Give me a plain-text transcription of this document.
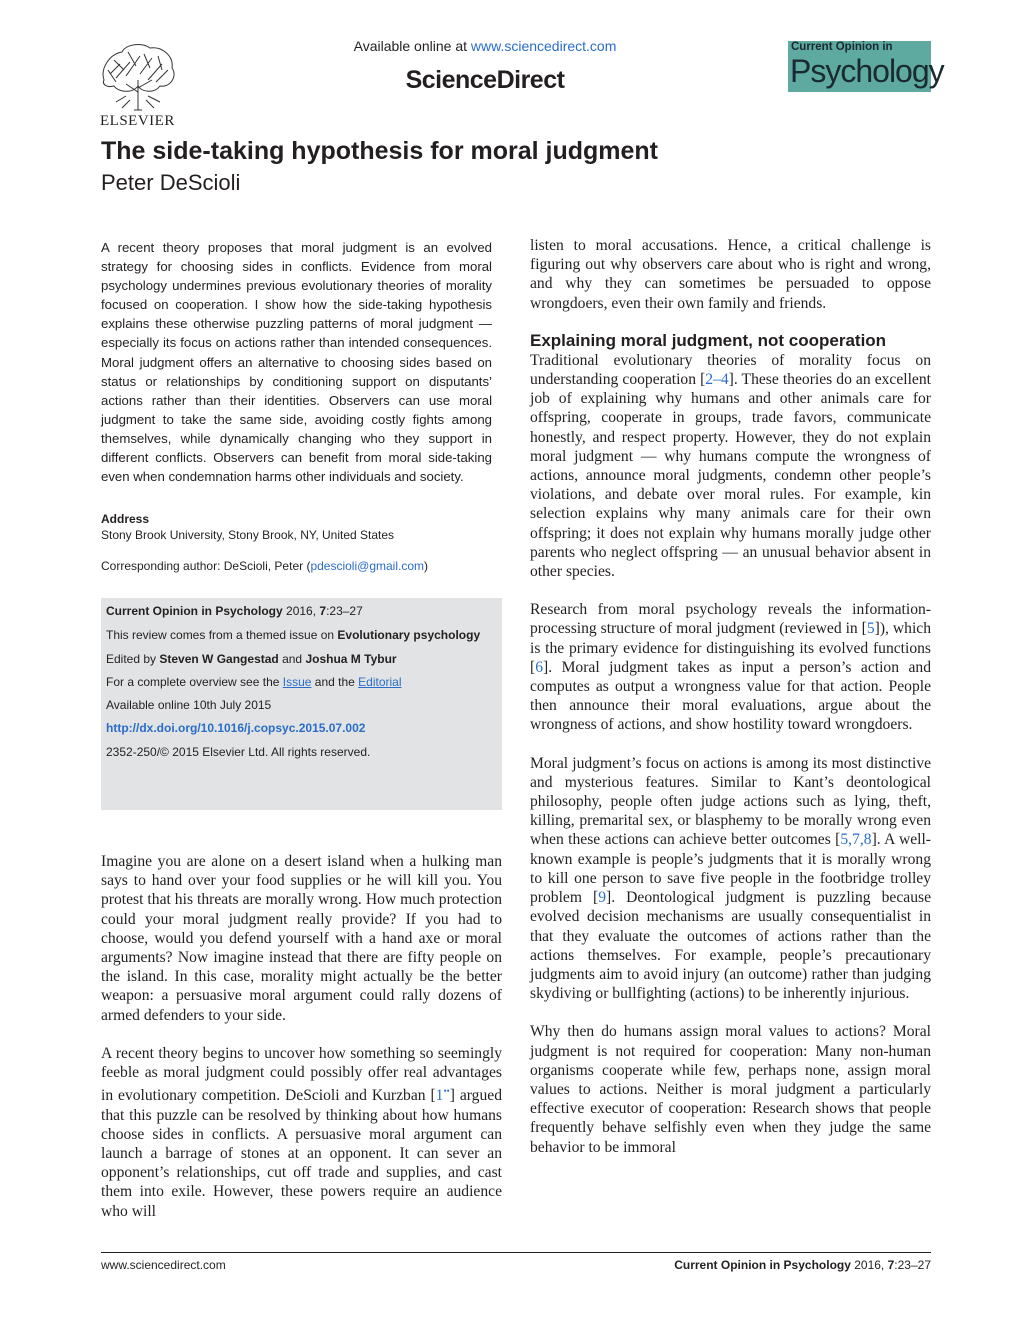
ELSEVIER
Available online at www.sciencedirect.com
ScienceDirect
Current Opinion in
Psychology
The side-taking hypothesis for moral judgment
Peter DeScioli
A recent theory proposes that moral judgment is an evolved strategy for choosing sides in conflicts. Evidence from moral psychology undermines previous evolutionary theories of morality focused on cooperation. I show how the side-taking hypothesis explains these otherwise puzzling patterns of moral judgment — especially its focus on actions rather than intended consequences. Moral judgment offers an alternative to choosing sides based on status or relationships by conditioning support on disputants’ actions rather than their identities. Observers can use moral judgment to take the same side, avoiding costly fights among themselves, while dynamically changing who they support in different conflicts. Observers can benefit from moral side-taking even when condemnation harms other individuals and society.
Address
Stony Brook University, Stony Brook, NY, United States
Corresponding author: DeScioli, Peter (pdescioli@gmail.com)
Current Opinion in Psychology 2016, 7:23–27
This review comes from a themed issue on Evolutionary psychology
Edited by Steven W Gangestad and Joshua M Tybur
For a complete overview see the Issue and the Editorial
Available online 10th July 2015
http://dx.doi.org/10.1016/j.copsyc.2015.07.002
2352-250/© 2015 Elsevier Ltd. All rights reserved.

Imagine you are alone on a desert island when a hulking man says to hand over your food supplies or he will kill you. You protest that his threats are morally wrong. How much protection could your moral judgment really provide? If you had to choose, would you defend yourself with a hand axe or moral arguments? Now imagine instead that there are fifty people on the island. In this case, morality might actually be the better weapon: a persuasive moral argument could rally dozens of armed defenders to your side.

A recent theory begins to uncover how something so seemingly feeble as moral judgment could possibly offer real advantages in evolutionary competition. DeScioli and Kurzban [1••] argued that this puzzle can be resolved by thinking about how humans choose sides in conflicts. A persuasive moral argument can launch a barrage of stones at an opponent. It can sever an opponent’s relationships, cut off trade and supplies, and cast them into exile. However, these powers require an audience who will

listen to moral accusations. Hence, a critical challenge is figuring out why observers care about who is right and wrong, and why they can sometimes be persuaded to oppose wrongdoers, even their own family and friends.

Explaining moral judgment, not cooperation

Traditional evolutionary theories of morality focus on understanding cooperation [2–4]. These theories do an excellent job of explaining why humans and other animals care for offspring, cooperate in groups, trade favors, communicate honestly, and respect property. However, they do not explain moral judgment — why humans compute the wrongness of actions, announce moral judgments, condemn other people’s violations, and debate over moral rules. For example, kin selection explains why many animals care for their own offspring; it does not explain why humans morally judge other parents who neglect offspring — an unusual behavior absent in other species.

Research from moral psychology reveals the information-processing structure of moral judgment (reviewed in [5]), which is the primary evidence for distinguishing its evolved functions [6]. Moral judgment takes as input a person’s action and computes as output a wrongness value for that action. People then announce their moral evaluations, argue about the wrongness of actions, and show hostility toward wrongdoers.

Moral judgment’s focus on actions is among its most distinctive and mysterious features. Similar to Kant’s deontological philosophy, people often judge actions such as lying, theft, killing, premarital sex, or blasphemy to be morally wrong even when these actions can achieve better outcomes [5,7,8]. A well-known example is people’s judgments that it is morally wrong to kill one person to save five people in the footbridge trolley problem [9]. Deontological judgment is puzzling because evolved decision mechanisms are usually consequentialist in that they evaluate the outcomes of actions rather than the actions themselves. For example, people’s precautionary judgments aim to avoid injury (an outcome) rather than judging skydiving or bullfighting (actions) to be inherently injurious.

Why then do humans assign moral values to actions? Moral judgment is not required for cooperation: Many non-human organisms cooperate while few, perhaps none, assign moral values to actions. Neither is moral judgment a particularly effective executor of cooperation: Research shows that people frequently behave selfishly even when they judge the same behavior to be immoral

www.sciencedirect.com	Current Opinion in Psychology 2016, 7:23–27
